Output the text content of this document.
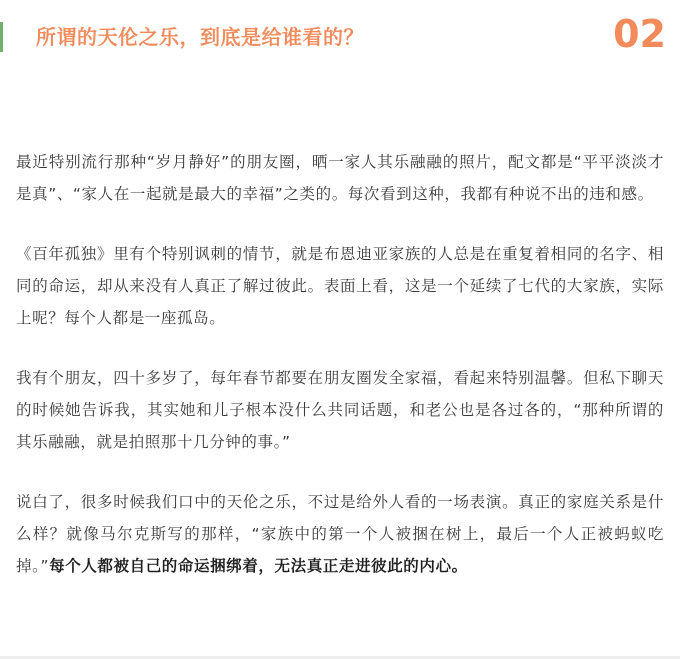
所谓的天伦之乐，到底是给谁看的？	02

最近特别流行那种“岁月静好”的朋友圈，晒一家人其乐融融的照片，配文都是“平平淡淡才是真”、“家人在一起就是最大的幸福”之类的。每次看到这种，我都有种说不出的违和感。

《百年孤独》里有个特别讽刺的情节，就是布恩迪亚家族的人总是在重复着相同的名字、相同的命运，却从来没有人真正了解过彼此。表面上看，这是一个延续了七代的大家族，实际上呢？每个人都是一座孤岛。

我有个朋友，四十多岁了，每年春节都要在朋友圈发全家福，看起来特别温馨。但私下聊天的时候她告诉我，其实她和儿子根本没什么共同话题，和老公也是各过各的，“那种所谓的其乐融融，就是拍照那十几分钟的事。”

说白了，很多时候我们口中的天伦之乐，不过是给外人看的一场表演。真正的家庭关系是什么样？就像马尔克斯写的那样，“家族中的第一个人被捆在树上，最后一个人正被蚂蚁吃掉。”每个人都被自己的命运捆绑着，无法真正走进彼此的内心。
